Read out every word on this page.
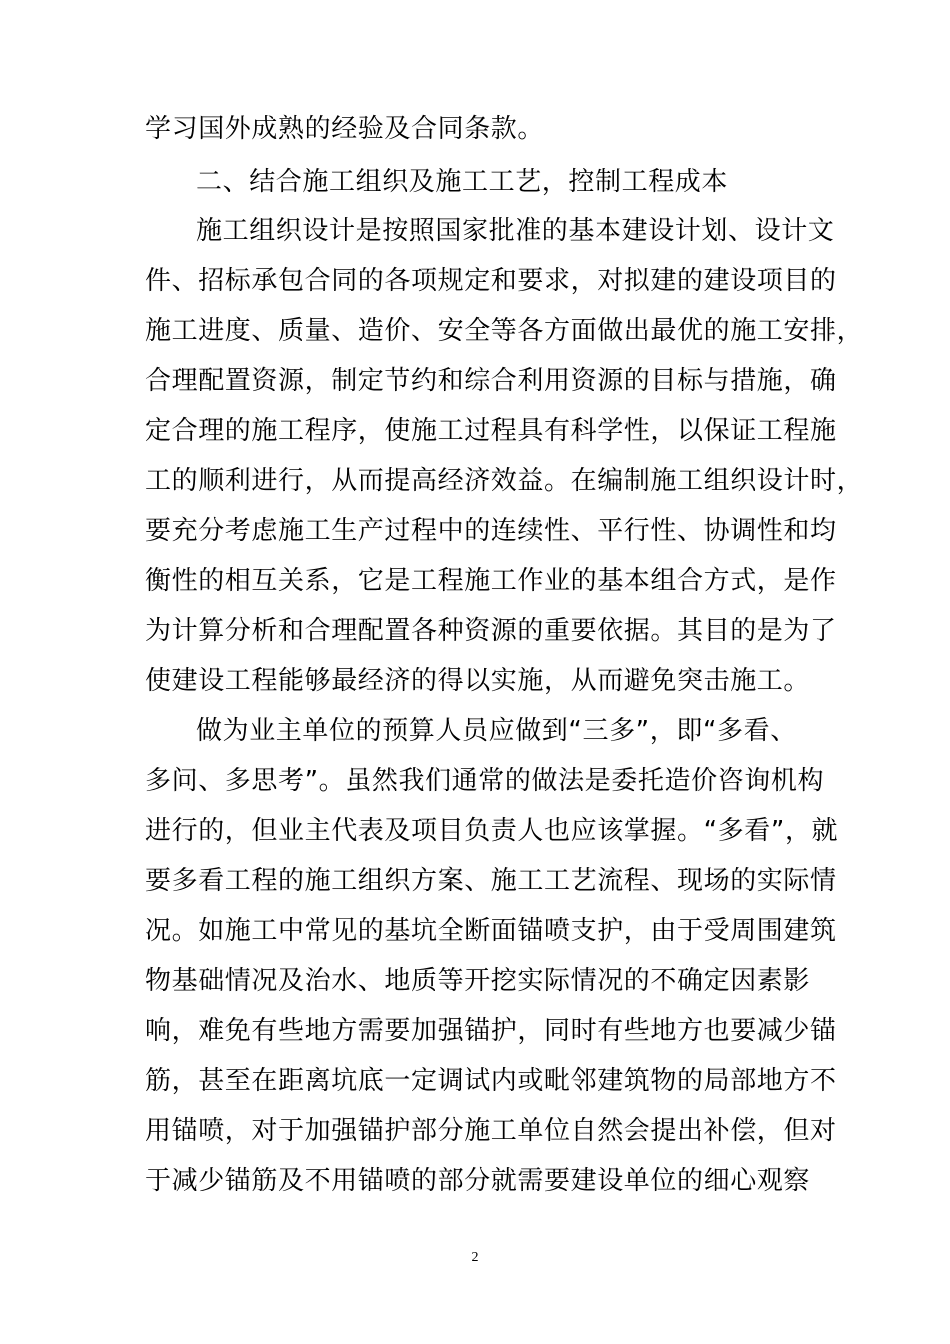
学习国外成熟的经验及合同条款。
二、结合施工组织及施工工艺，控制工程成本
施工组织设计是按照国家批准的基本建设计划、设计文
件、招标承包合同的各项规定和要求，对拟建的建设项目的
施工进度、质量、造价、安全等各方面做出最优的施工安排，
合理配置资源，制定节约和综合利用资源的目标与措施，确
定合理的施工程序，使施工过程具有科学性，以保证工程施
工的顺利进行，从而提高经济效益。在编制施工组织设计时，
要充分考虑施工生产过程中的连续性、平行性、协调性和均
衡性的相互关系，它是工程施工作业的基本组合方式，是作
为计算分析和合理配置各种资源的重要依据。其目的是为了
使建设工程能够最经济的得以实施，从而避免突击施工。
做为业主单位的预算人员应做到“三多”，即“多看、
多问、多思考”。虽然我们通常的做法是委托造价咨询机构
进行的，但业主代表及项目负责人也应该掌握。“多看”，就
要多看工程的施工组织方案、施工工艺流程、现场的实际情
况。如施工中常见的基坑全断面锚喷支护，由于受周围建筑
物基础情况及治水、地质等开挖实际情况的不确定因素影
响，难免有些地方需要加强锚护，同时有些地方也要减少锚
筋，甚至在距离坑底一定调试内或毗邻建筑物的局部地方不
用锚喷，对于加强锚护部分施工单位自然会提出补偿，但对
于减少锚筋及不用锚喷的部分就需要建设单位的细心观察
2
